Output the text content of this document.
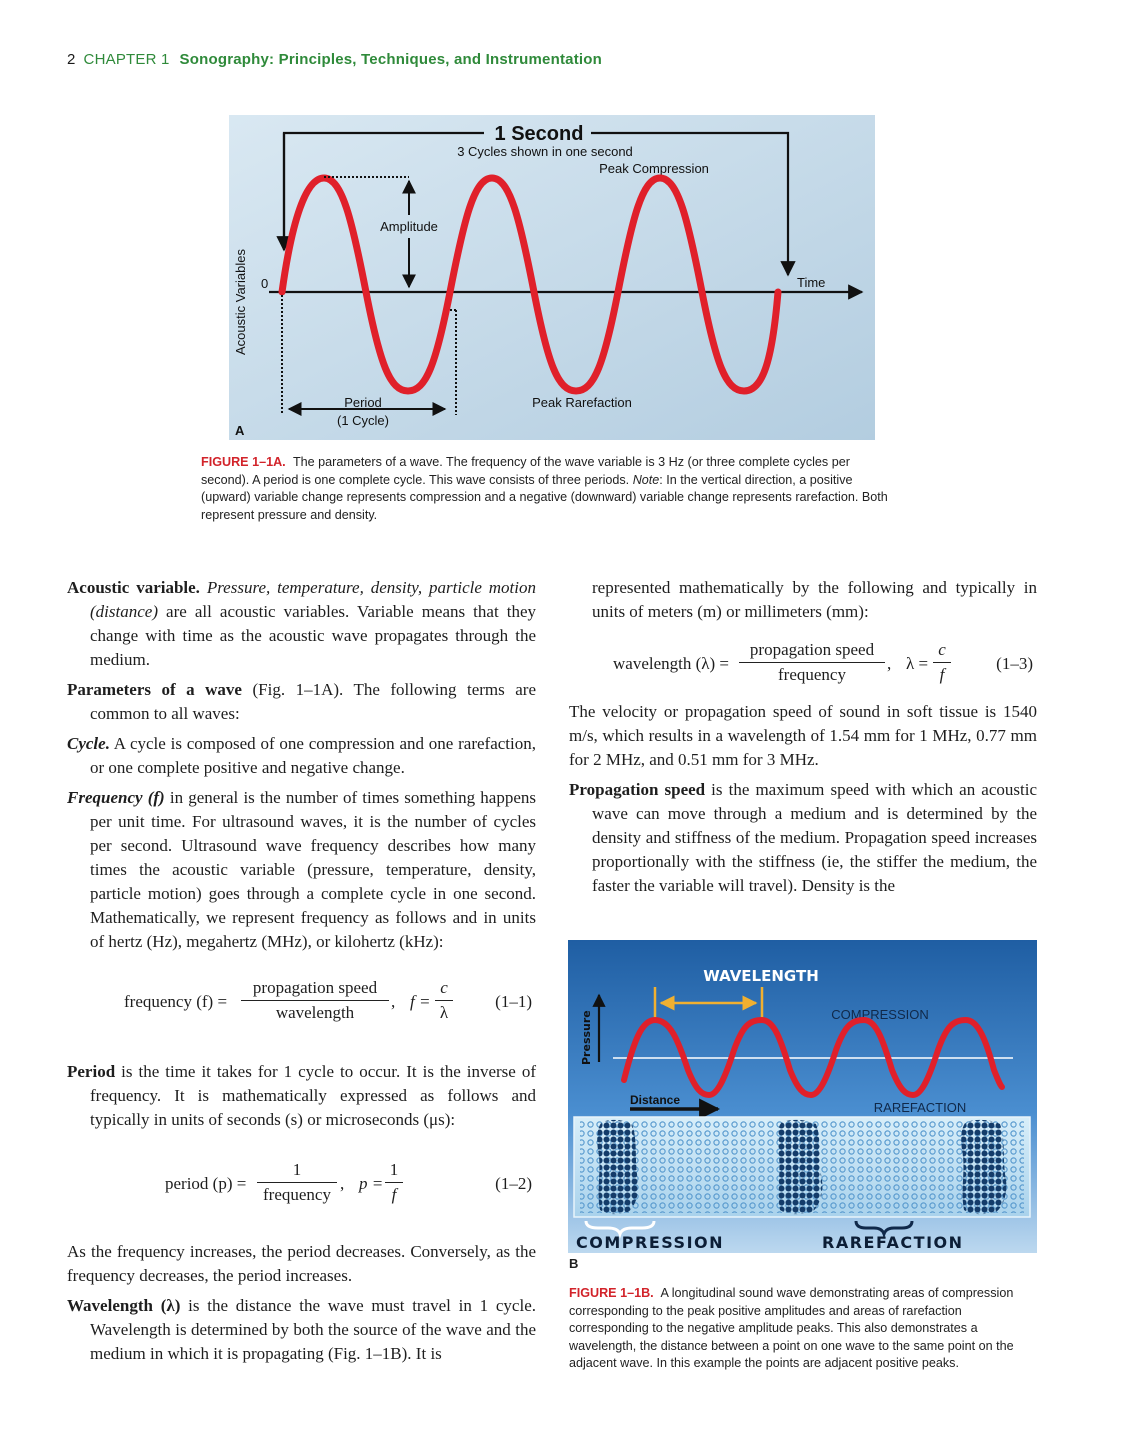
2 CHAPTER 1 Sonography: Principles, Techniques, and Instrumentation
1 Second
3 Cycles shown in one second
Peak Compression
0	Time
Acoustic Variables
Amplitude
Period
(1 Cycle)
Peak Rarefaction
A
FIGURE 1–1A. The parameters of a wave. The frequency of the wave variable is 3 Hz (or three complete cycles per second). A period is one complete cycle. This wave consists of three periods. Note: In the vertical direction, a positive (upward) variable change represents compression and a negative (downward) variable change represents rarefaction. Both represent pressure and density.

Acoustic variable. Pressure, temperature, density, particle motion (distance) are all acoustic variables. Variable means that they change with time as the acoustic wave propagates through the medium.

Parameters of a wave (Fig. 1–1A). The following terms are common to all waves:

Cycle. A cycle is composed of one compression and one rarefaction, or one complete positive and negative change.

Frequency (f) in general is the number of times something happens per unit time. For ultrasound waves, it is the number of cycles per second. Ultrasound wave frequency describes how many times the acoustic variable (pressure, temperature, density, particle motion) goes through a complete cycle in one second. Mathematically, we represent frequency as follows and in units of hertz (Hz), megahertz (MHz), or kilohertz (kHz):

frequency (f) =
propagation speed
wavelength
, $f = \frac{c}{\lambda} (1-1)$

Period is the time it takes for 1 cycle to occur. It is the inverse of frequency. It is mathematically expressed as follows and typically in units of seconds (s) or microseconds (μs):

period (p) =
1
frequency
, $p = \frac{1}{f}$	(1–2)

As the frequency increases, the period decreases. Conversely, as the frequency decreases, the period increases.

Wavelength (λ) is the distance the wave must travel in 1 cycle. Wavelength is determined by both the source of the wave and the medium in which it is propagating (Fig. 1–1B). It is

represented mathematically by the following and typically in units of meters (m) or millimeters (mm):

wavelength (λ) =
propagation speed
frequency
, $\lambda = \frac{c}{f}$	(1–3)

The velocity or propagation speed of sound in soft tissue is 1540 m/s, which results in a wavelength of 1.54 mm for 1 MHz, 0.77 mm for 2 MHz, and 0.51 mm for 3 MHz.

Propagation speed is the maximum speed with which an acoustic wave can move through a medium and is determined by the density and stiffness of the medium. Propagation speed increases proportionally with the stiffness (ie, the stiffer the medium, the faster the variable will travel). Density is the

WAVELENGTH
COMPRESSION
Pressure
Distance	RAREFACTION
COMPRESSION	RAREFACTION
B
FIGURE 1–1B. A longitudinal sound wave demonstrating areas of compression corresponding to the peak positive amplitudes and areas of rarefaction corresponding to the negative amplitude peaks. This also demonstrates a wavelength, the distance between a point on one wave to the same point on the adjacent wave. In this example the points are adjacent positive peaks.
